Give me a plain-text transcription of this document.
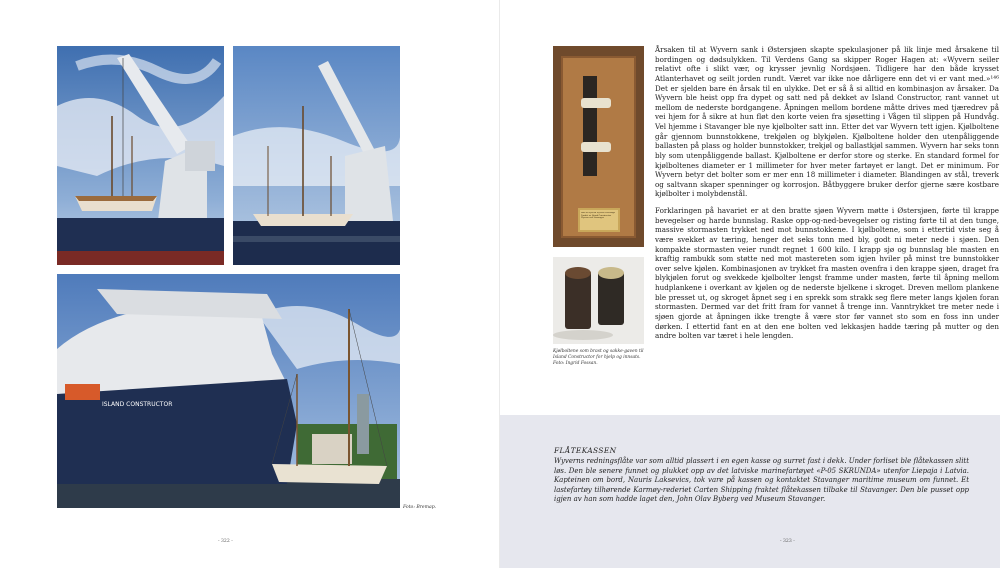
ISLAND CONSTRUCTOR
Foto: Bremap.
- 322 -
Bolt of Wyvern Wyvern Wreckage Fundet av Island Constructor. Wyvern ved Stavanger
Kjølboltene som brast og sakke-gaven til Island Constructor for hjelp og innsats. Foto: Ingrid Fossan.

Årsaken til at Wyvern sank i Østersjøen skapte spekulasjoner på lik linje med årsakene til bordingen og dødsulykken. Til Verdens Gang sa skipper Roger Hagen at: «Wyvern seiler relativt ofte i slikt vær, og krysser jevnlig Nordsjøen. Tidligere har den både krysset Atlanterhavet og seilt jorden rundt. Været var ikke noe dårligere enn det vi er vant med.»¹⁴⁶ Det er sjelden bare én årsak til en ulykke. Det er så å si alltid en kombinasjon av årsaker. Da Wyvern ble heist opp fra dypet og satt ned på dekket av Island Constructor, rant vannet ut mellom de nederste bordgangene. Åpningen mellom bordene måtte drives med tjæredrev på vei hjem for å sikre at hun fløt den korte veien fra sjøsetting i Vågen til slippen på Hundvåg. Vel hjemme i Stavanger ble nye kjølbolter satt inn. Etter det var Wyvern tett igjen. Kjølboltene går gjennom bunnstokkene, trekjølen og blykjølen. Kjølboltene holder den utenpåliggende ballasten på plass og holder bunnstokker, trekjøl og ballastkjøl sammen. Wyvern har seks tonn bly som utenpåliggende ballast. Kjølboltene er derfor store og sterke. En standard formel for kjølboltenes diameter er 1 millimeter for hver meter fartøyet er langt. Det er minimum. For Wyvern betyr det bolter som er mer enn 18 millimeter i diameter. Blandingen av stål, treverk og saltvann skaper spenninger og korrosjon. Båtbyggere bruker derfor gjerne sære kostbare kjølbolter i molybdenstål.

Forklaringen på havariet er at den bratte sjøen Wyvern møtte i Østersjøen, førte til krappe bevegelser og harde bunnslag. Raske opp-og-ned-bevegelser og risting førte til at den tunge, massive stormasten trykket ned mot bunnstokkene. I kjølboltene, som i ettertid viste seg å være svekket av tæring, henger det seks tonn med bly, godt ni meter nede i sjøen. Den kompakte stormasten veier rundt regnet 1 600 kilo. I krapp sjø og bunnslag ble masten en kraftig rambukk som støtte ned mot mastereten som igjen hviler på minst tre bunnstokker over selve kjølen. Kombinasjonen av trykket fra masten ovenfra i den krappe sjøen, draget fra blykjølen forut og svekkede kjølbolter lengst framme under masten, førte til åpning mellom hudplankene i overkant av kjølen og de nederste bjelkene i skroget. Dreven mellom plankene ble presset ut, og skroget åpnet seg i en sprekk som strakk seg flere meter langs kjølen foran stormasten. Dermed var det fritt fram for vannet å trenge inn. Vanntrykket tre meter nede i sjøen gjorde at åpningen ikke trengte å være stor før vannet sto som en foss inn under dørken. I ettertid fant en at den ene bolten ved lekkasjen hadde tæring på mutter og den andre bolten var tæret i hele lengden.

FLÅTEKASSEN
Wyverns redningsflåte var som alltid plassert i en egen kasse og surret fast i dekk. Under forliset ble flåtekassen slitt løs. Den ble senere funnet og plukket opp av det latviske marinefartøyet «P-05 SKRUNDA» utenfor Liepaja i Latvia. Kapteinen om bord, Nauris Laksevics, tok vare på kassen og kontaktet Stavanger maritime museum om funnet. Et lastefartøy tilhørende Karmøy-rederiet Carten Shipping fraktet flåtekassen tilbake til Stavanger. Den ble pusset opp igjen av han som hadde laget den, John Olav Byberg ved Museum Stavanger.
- 323 -
